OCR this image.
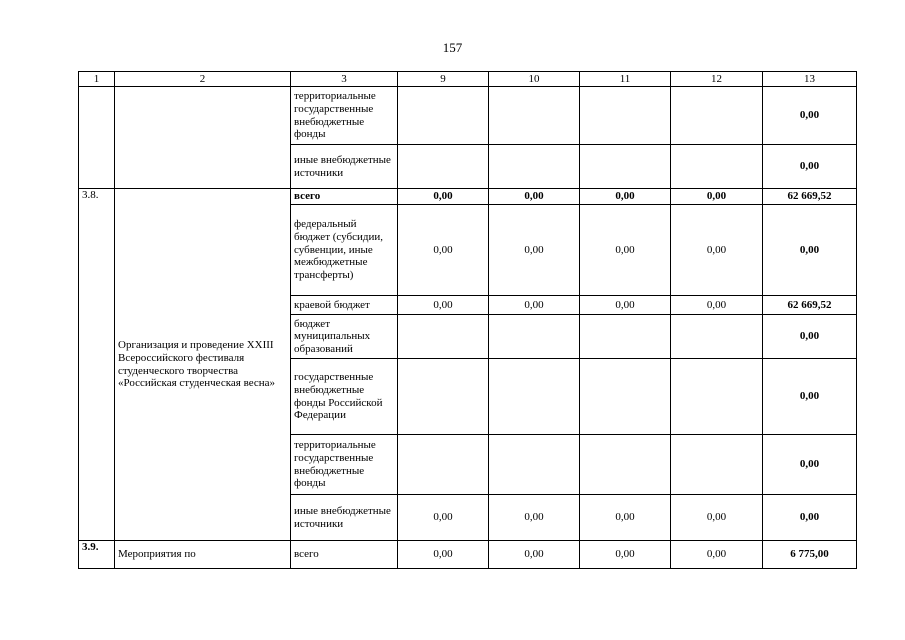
157
1	2	3	9	10	11	12	13
		территориальные государственные внебюджетные фонды					0,00
		иные внебюджетные источники					0,00
3.8.	Организация и проведение XXIII Всероссийского фестиваля студенческого творчества «Российская студенческая весна»	всего	0,00	0,00	0,00	0,00	62 669,52
		федеральный бюджет (субсидии, субвенции, иные межбюджетные трансферты)	0,00	0,00	0,00	0,00	0,00
		краевой бюджет	0,00	0,00	0,00	0,00	62 669,52
		бюджет муниципальных образований					0,00
		государственные внебюджетные фонды Российской Федерации					0,00
		территориальные государственные внебюджетные фонды					0,00
		иные внебюджетные источники	0,00	0,00	0,00	0,00	0,00
3.9.	Мероприятия по	всего	0,00	0,00	0,00	0,00	6 775,00
